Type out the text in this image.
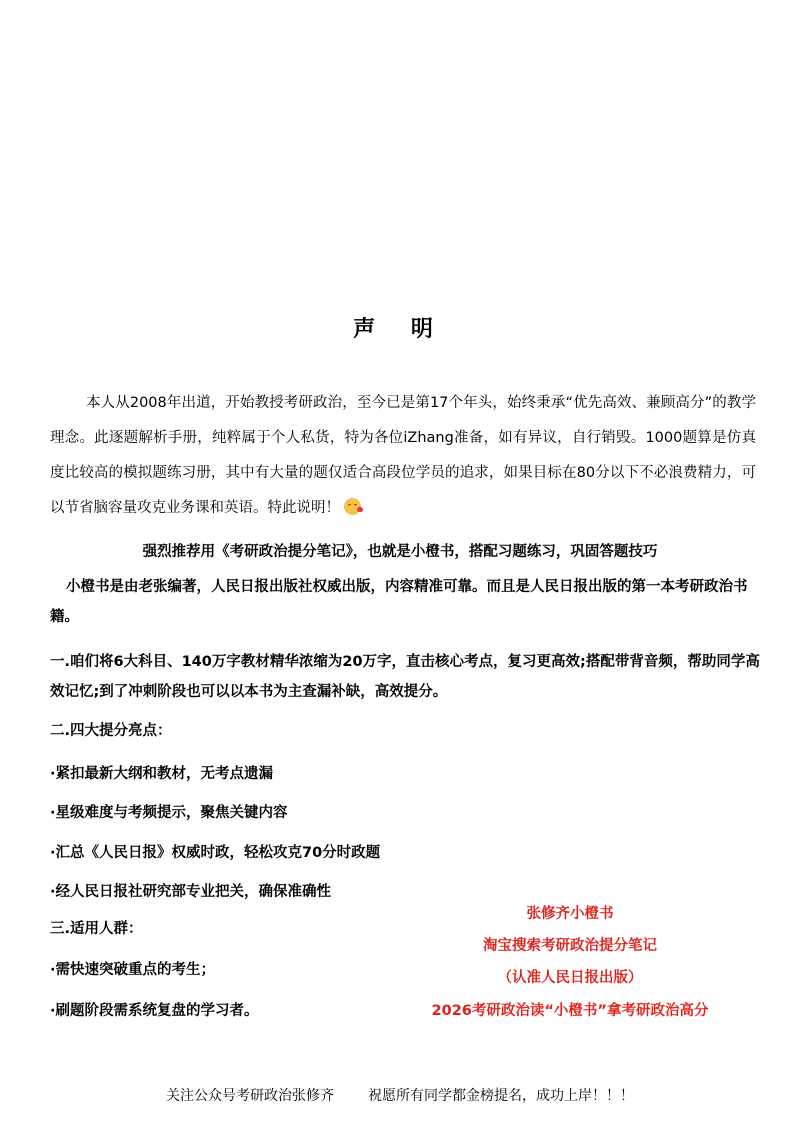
声 明
本人从2008年出道，开始教授考研政治，至今已是第17个年头，始终秉承“优先高效、兼顾高分”的教学理念。此逐题解析手册，纯粹属于个人私货，特为各位iZhang准备，如有异议，自行销毁。1000题算是仿真度比较高的模拟题练习册，其中有大量的题仅适合高段位学员的追求，如果目标在80分以下不必浪费精力，可以节省脑容量攻克业务课和英语。特此说明！
强烈推荐用《考研政治提分笔记》，也就是小橙书，搭配习题练习，巩固答题技巧
小橙书是由老张编著，人民日报出版社权威出版，内容精准可靠。而且是人民日报出版的第一本考研政治书籍。
一.咱们将6大科目、140万字教材精华浓缩为20万字，直击核心考点，复习更高效;搭配带背音频，帮助同学高效记忆;到了冲刺阶段也可以以本书为主查漏补缺，高效提分。
二.四大提分亮点：
·紧扣最新大纲和教材，无考点遗漏
·星级难度与考频提示，聚焦关键内容
·汇总《人民日报》权威时政，轻松攻克70分时政题
·经人民日报社研究部专业把关，确保准确性
三.适用人群：
·需快速突破重点的考生；
·刷题阶段需系统复盘的学习者。
张修齐小橙书
淘宝搜索考研政治提分笔记
（认准人民日报出版）
2026考研政治读“小橙书”拿考研政治高分
关注公众号考研政治张修齐 祝愿所有同学都金榜提名，成功上岸！！！
